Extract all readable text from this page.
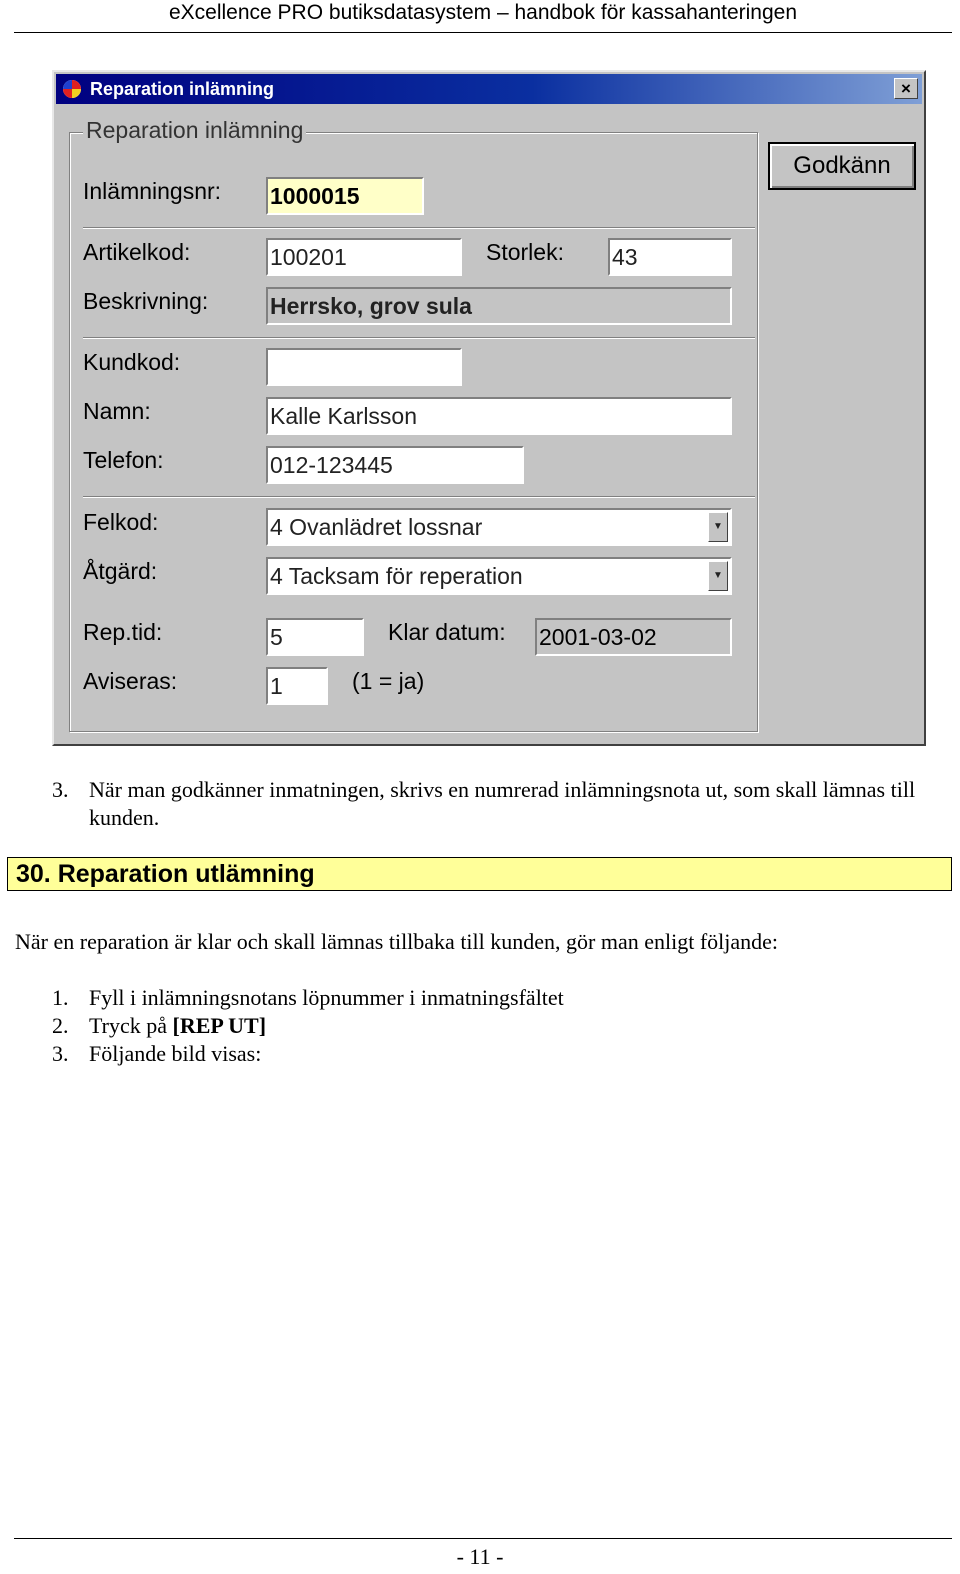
eXcellence PRO butiksdatasystem – handbok för kassahanteringen
Reparation inlämning	×
Godkänn
Reparation inlämning
Inlämningsnr: 1000015
Artikelkod:	100201	Storlek: 43
Beskrivning:	Herrsko, grov sula
Kundkod:
Namn:	Kalle Karlsson
Telefon:	012-123445
Felkod:	4 Ovanlädret lossnar	▼
Åtgärd:	4 Tacksam för reperation	▼
Rep.tid:	5	Klar datum: 2001-03-02
Aviseras:	1	(1 = ja)
3. När man godkänner inmatningen, skrivs en numrerad inlämningsnota ut, som skall lämnas till kunden.
30. Reparation utlämning
När en reparation är klar och skall lämnas tillbaka till kunden, gör man enligt följande:
1. Fyll i inlämningsnotans löpnummer i inmatningsfältet
2. Tryck på [REP UT]
3. Följande bild visas:
- 11 -
